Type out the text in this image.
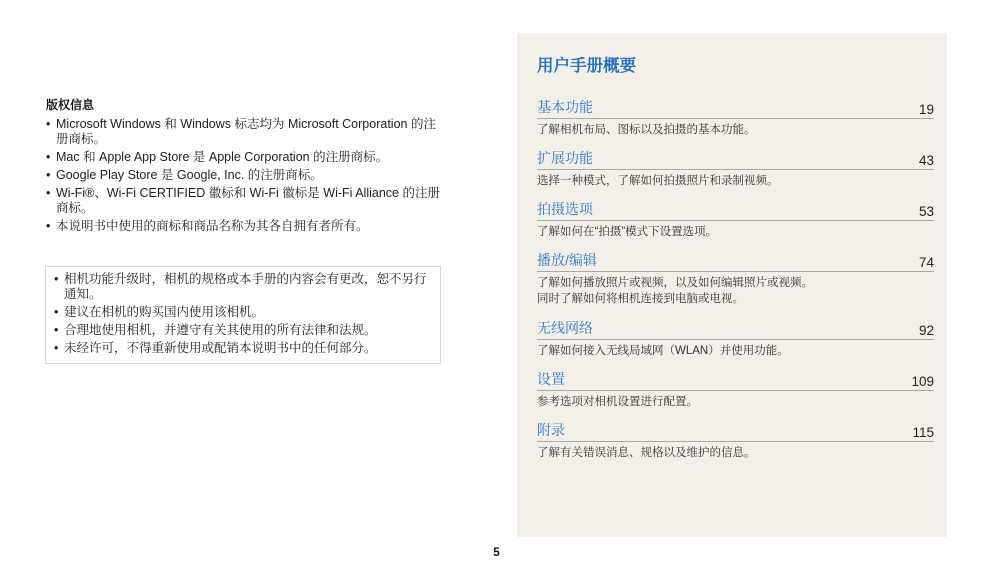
版权信息
• Microsoft Windows 和 Windows 标志均为 Microsoft Corporation 的注册商标。
• Mac 和 Apple App Store 是 Apple Corporation 的注册商标。
• Google Play Store 是 Google, Inc. 的注册商标。
• Wi-Fi®、Wi-Fi CERTIFIED 徽标和 Wi-Fi 徽标是 Wi-Fi Alliance 的注册商标。
• 本说明书中使用的商标和商品名称为其各自拥有者所有。
• 相机功能升级时，相机的规格或本手册的内容会有更改，恕不另行通知。
• 建议在相机的购买国内使用该相机。
• 合理地使用相机，并遵守有关其使用的所有法律和法规。
• 未经许可，不得重新使用或配销本说明书中的任何部分。
用户手册概要
基本功能	19
了解相机布局、图标以及拍摄的基本功能。
扩展功能	43
选择一种模式，了解如何拍摄照片和录制视频。
拍摄选项	53
了解如何在“拍摄”模式下设置选项。
播放/编辑	74
了解如何播放照片或视频，以及如何编辑照片或视频。
同时了解如何将相机连接到电脑或电视。
无线网络	92
了解如何接入无线局域网（WLAN）并使用功能。
设置	109
参考选项对相机设置进行配置。
附录	115
了解有关错误消息、规格以及维护的信息。
5
